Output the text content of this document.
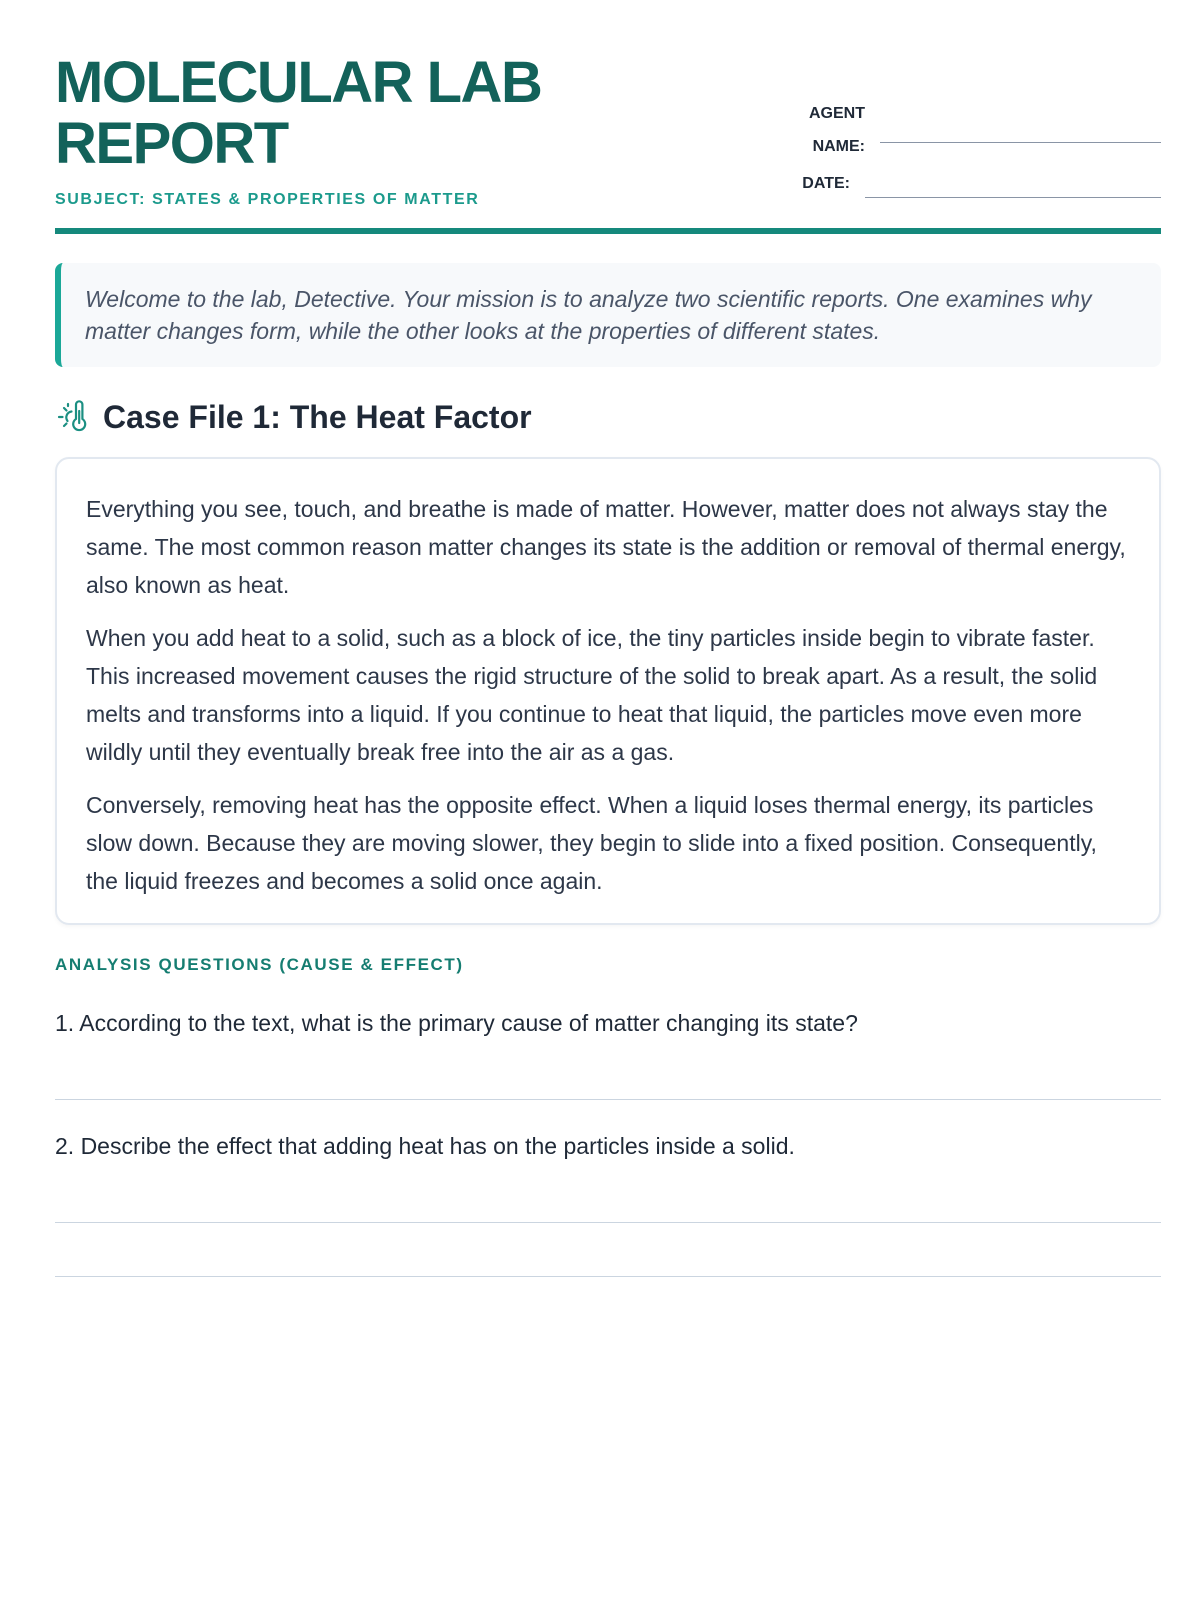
MOLECULAR LAB
REPORT
SUBJECT: STATES & PROPERTIES OF MATTER
AGENT
NAME:
DATE:
Welcome to the lab, Detective. Your mission is to analyze two scientific reports. One examines why matter changes form, while the other looks at the properties of different states.
Case File 1: The Heat Factor

Everything you see, touch, and breathe is made of matter. However, matter does not always stay the same. The most common reason matter changes its state is the addition or removal of thermal energy, also known as heat.

When you add heat to a solid, such as a block of ice, the tiny particles inside begin to vibrate faster. This increased movement causes the rigid structure of the solid to break apart. As a result, the solid melts and transforms into a liquid. If you continue to heat that liquid, the particles move even more wildly until they eventually break free into the air as a gas.

Conversely, removing heat has the opposite effect. When a liquid loses thermal energy, its particles slow down. Because they are moving slower, they begin to slide into a fixed position. Consequently, the liquid freezes and becomes a solid once again.

ANALYSIS QUESTIONS (CAUSE & EFFECT)
1. According to the text, what is the primary cause of matter changing its state?
2. Describe the effect that adding heat has on the particles inside a solid.
